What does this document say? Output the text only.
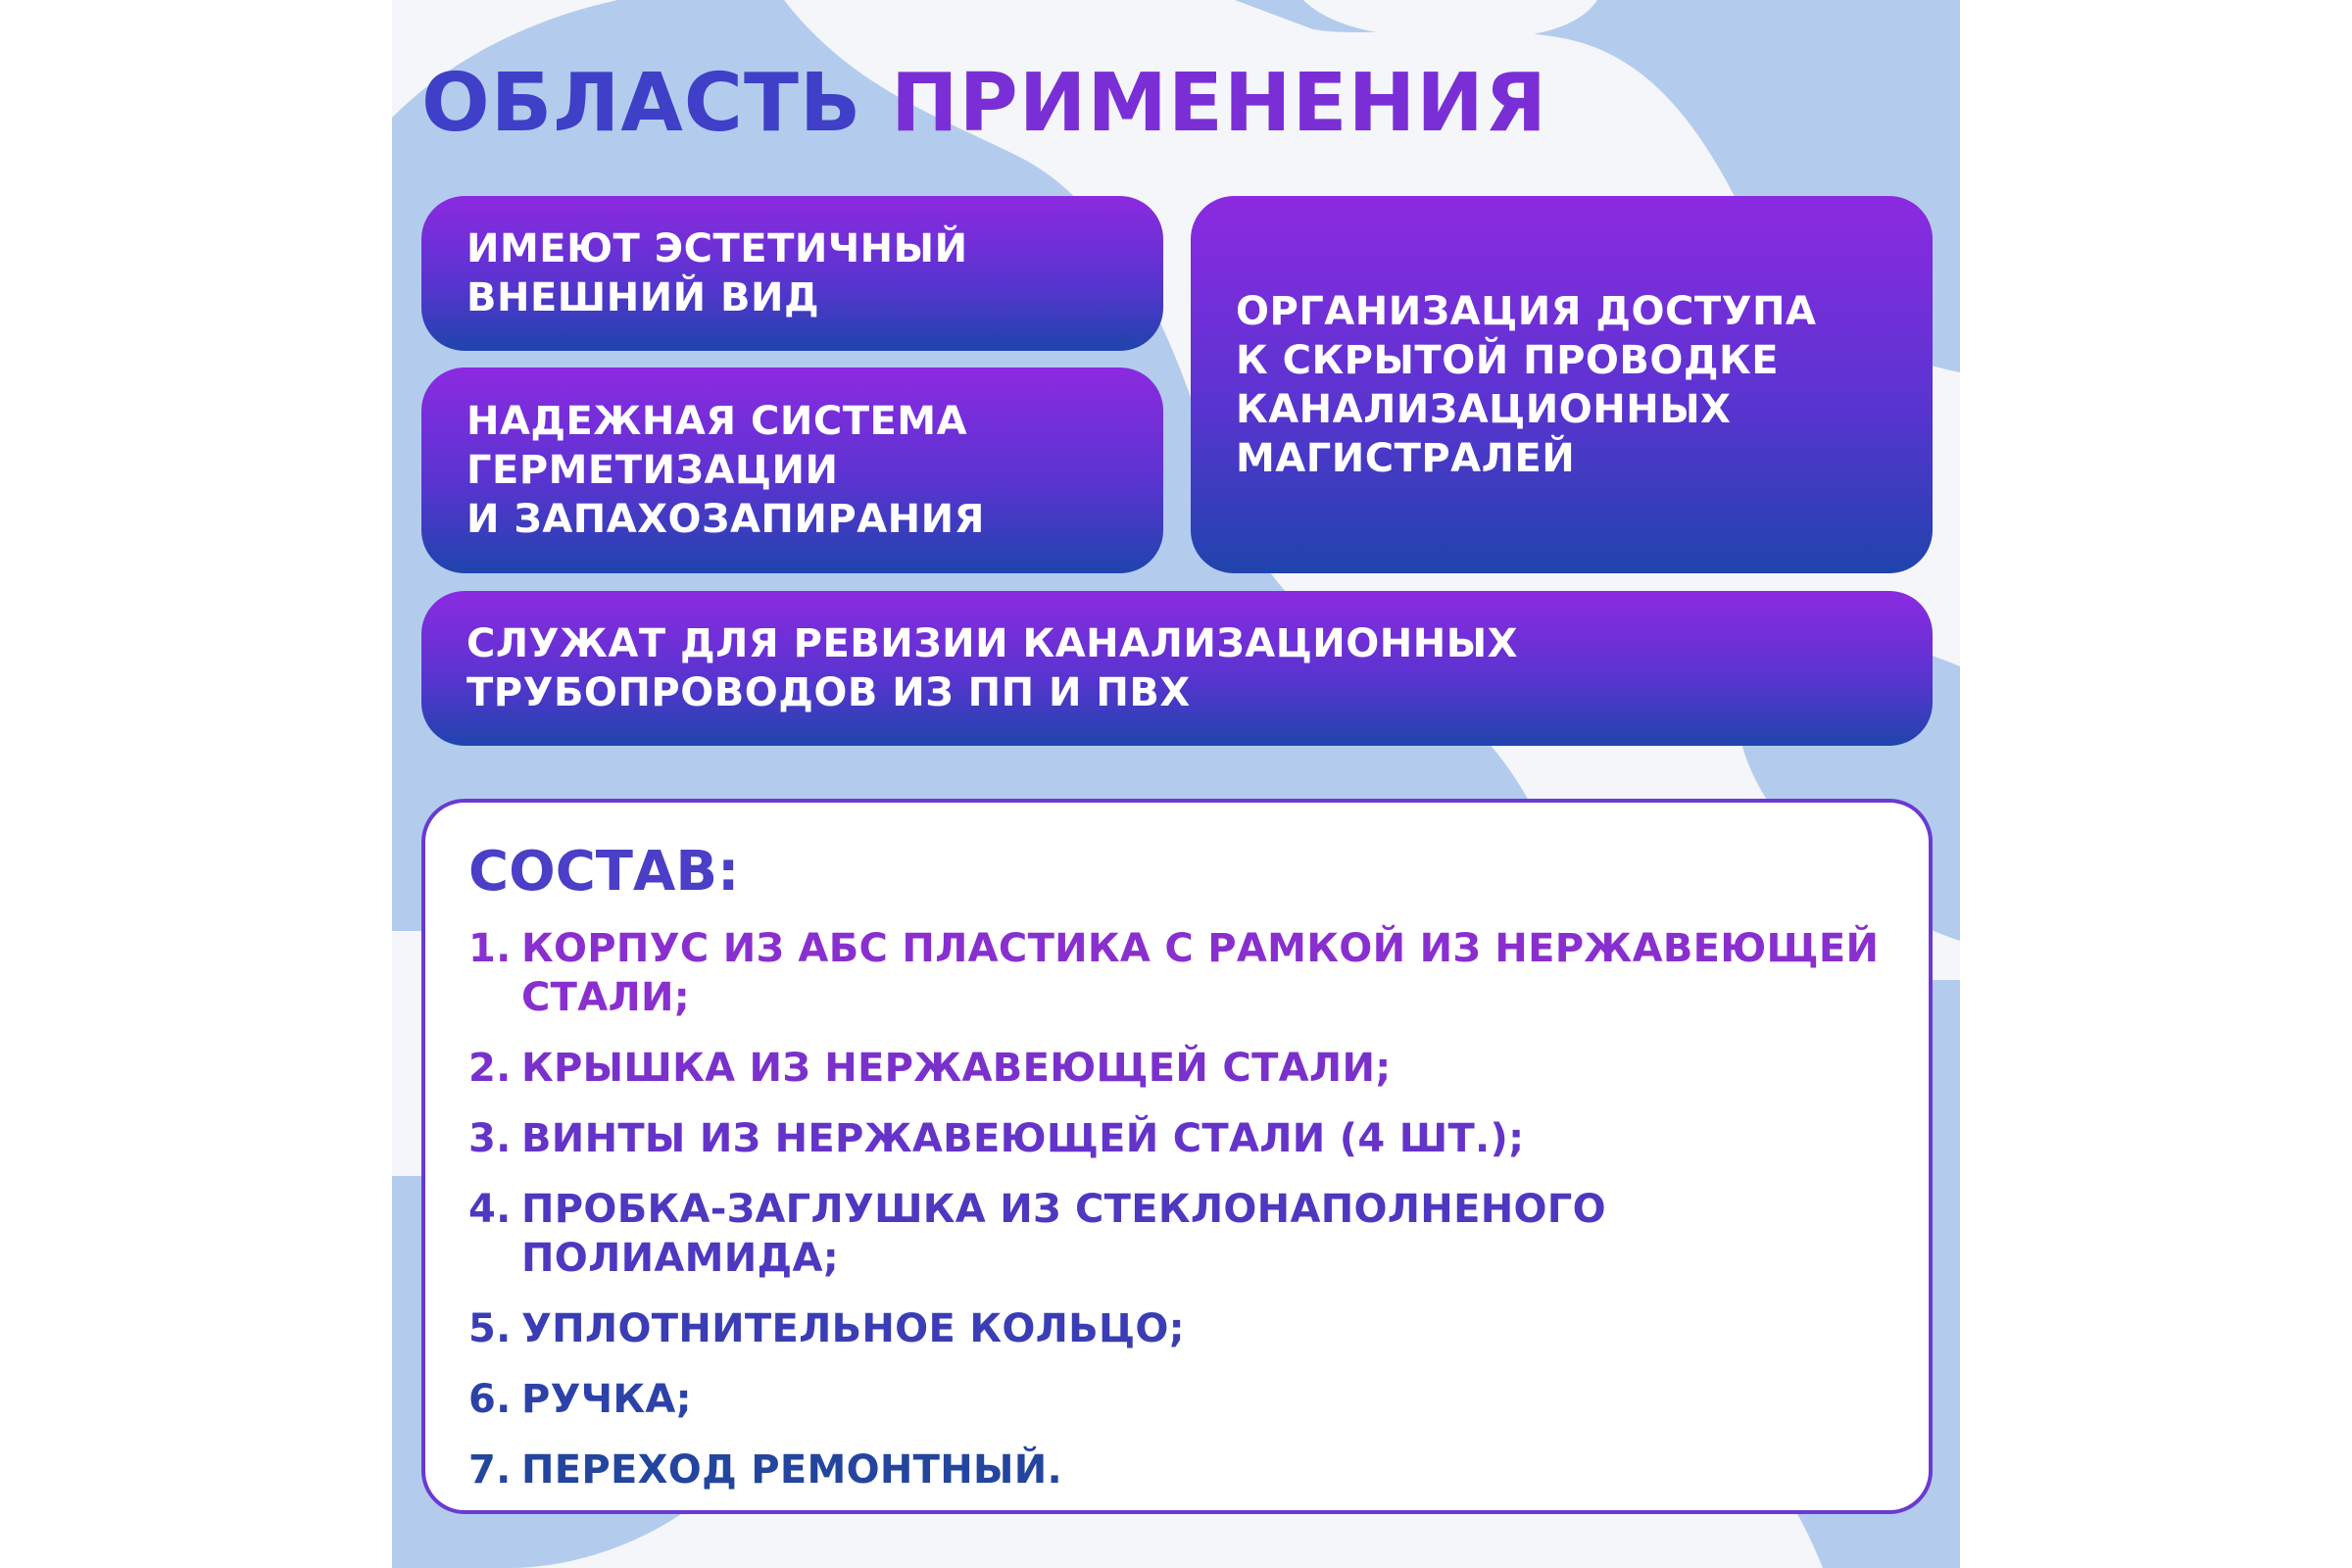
ОБЛАСТЬ ПРИМЕНЕНИЯ
ИМЕЮТ ЭСТЕТИЧНЫЙ
ВНЕШНИЙ ВИД
НАДЕЖНАЯ СИСТЕМА
ГЕРМЕТИЗАЦИИ
И ЗАПАХОЗАПИРАНИЯ
ОРГАНИЗАЦИЯ ДОСТУПА
К СКРЫТОЙ ПРОВОДКЕ
КАНАЛИЗАЦИОННЫХ
МАГИСТРАЛЕЙ
СЛУЖАТ ДЛЯ РЕВИЗИИ КАНАЛИЗАЦИОННЫХ
ТРУБОПРОВОДОВ ИЗ ПП И ПВХ
СОСТАВ:
1. КОРПУС ИЗ АБС ПЛАСТИКА С РАМКОЙ ИЗ НЕРЖАВЕЮЩЕЙ
СТАЛИ;
2. КРЫШКА ИЗ НЕРЖАВЕЮЩЕЙ СТАЛИ;
3. ВИНТЫ ИЗ НЕРЖАВЕЮЩЕЙ СТАЛИ (4 ШТ.);
4. ПРОБКА-ЗАГЛУШКА ИЗ СТЕКЛОНАПОЛНЕНОГО
ПОЛИАМИДА;
5. УПЛОТНИТЕЛЬНОЕ КОЛЬЦО;
6. РУЧКА;
7. ПЕРЕХОД РЕМОНТНЫЙ.
